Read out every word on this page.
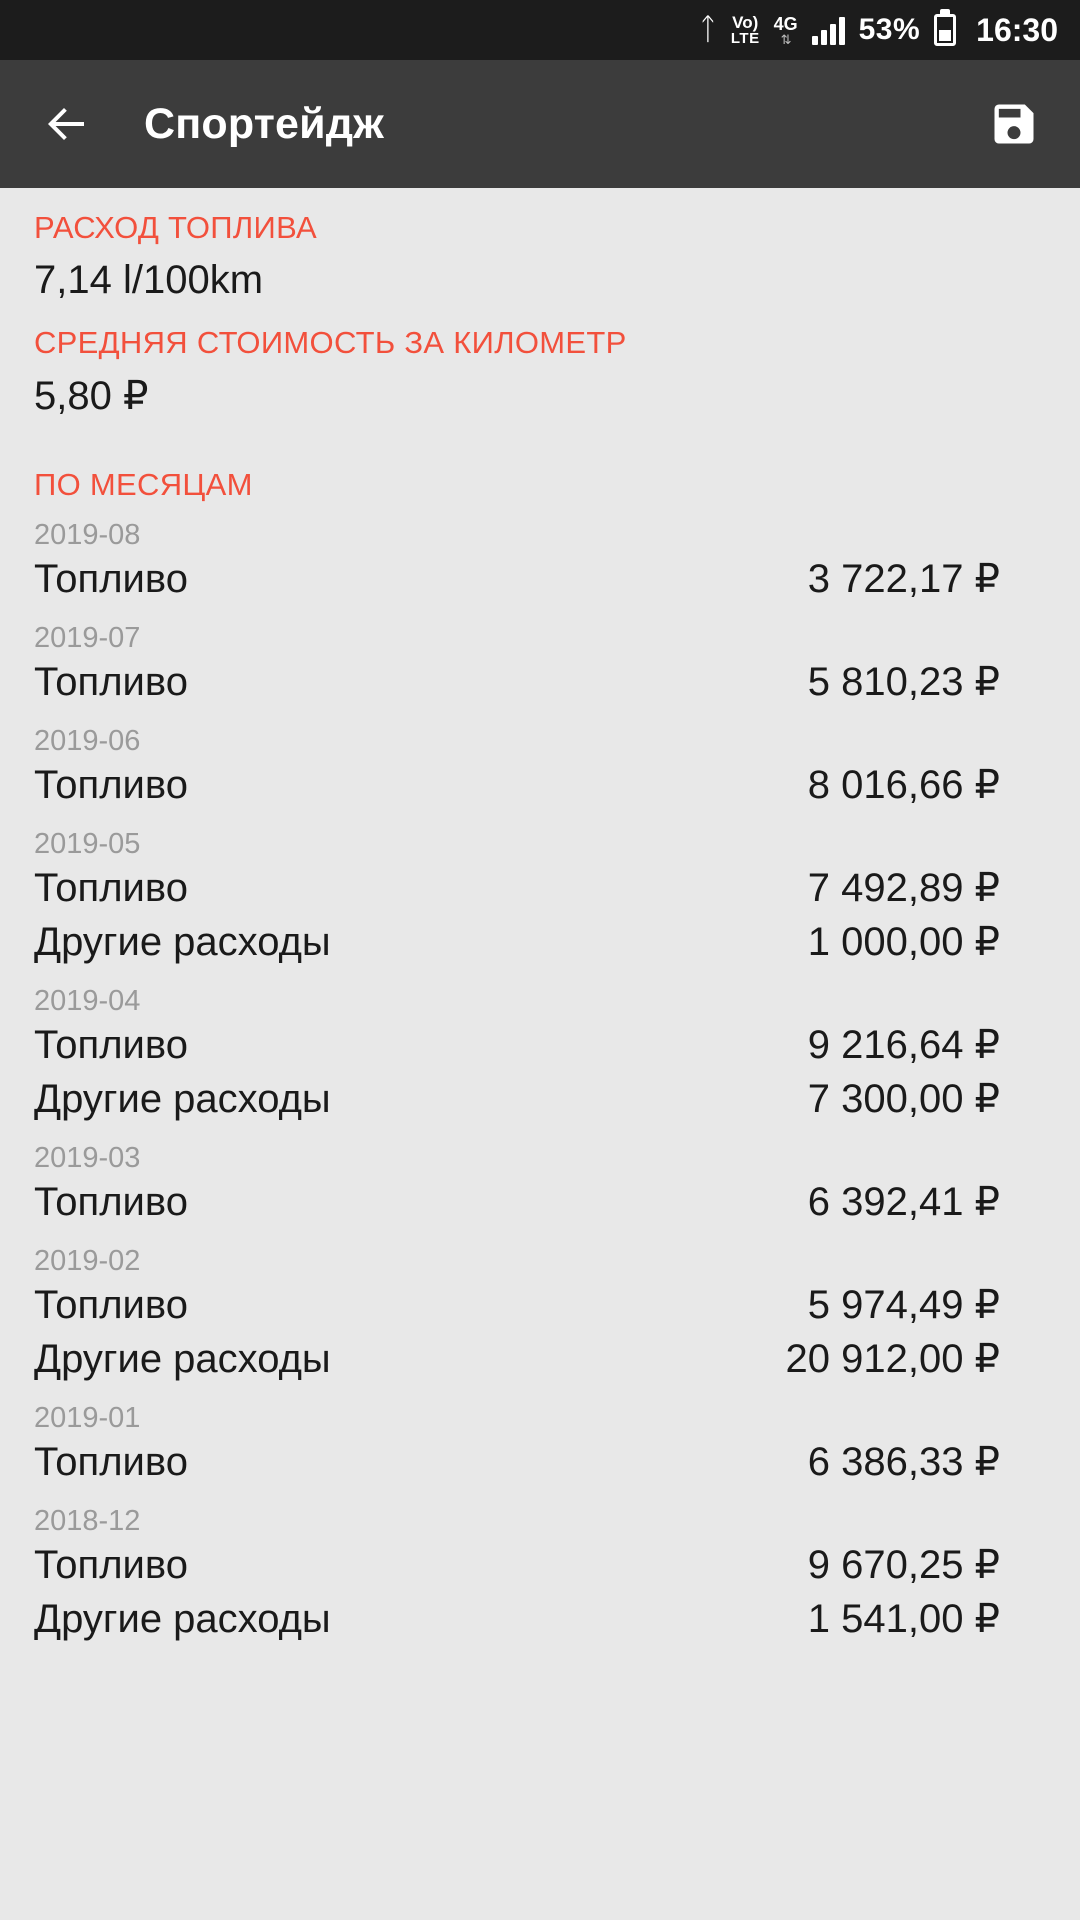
ᛏ Vo)
LTE
4G
⇅ 53% 16:30
Спортейдж
РАСХОД ТОПЛИВА
7,14 l/100km
СРЕДНЯЯ СТОИМОСТЬ ЗА КИЛОМЕТР
5,80 ₽
ПО МЕСЯЦАМ
2019-08
Топливо	3 722,17 ₽
2019-07
Топливо	5 810,23 ₽
2019-06
Топливо	8 016,66 ₽
2019-05
Топливо	7 492,89 ₽
Другие расходы	1 000,00 ₽
2019-04
Топливо	9 216,64 ₽
Другие расходы	7 300,00 ₽
2019-03
Топливо	6 392,41 ₽
2019-02
Топливо	5 974,49 ₽
Другие расходы	20 912,00 ₽
2019-01
Топливо	6 386,33 ₽
2018-12
Топливо	9 670,25 ₽
Другие расходы	1 541,00 ₽
